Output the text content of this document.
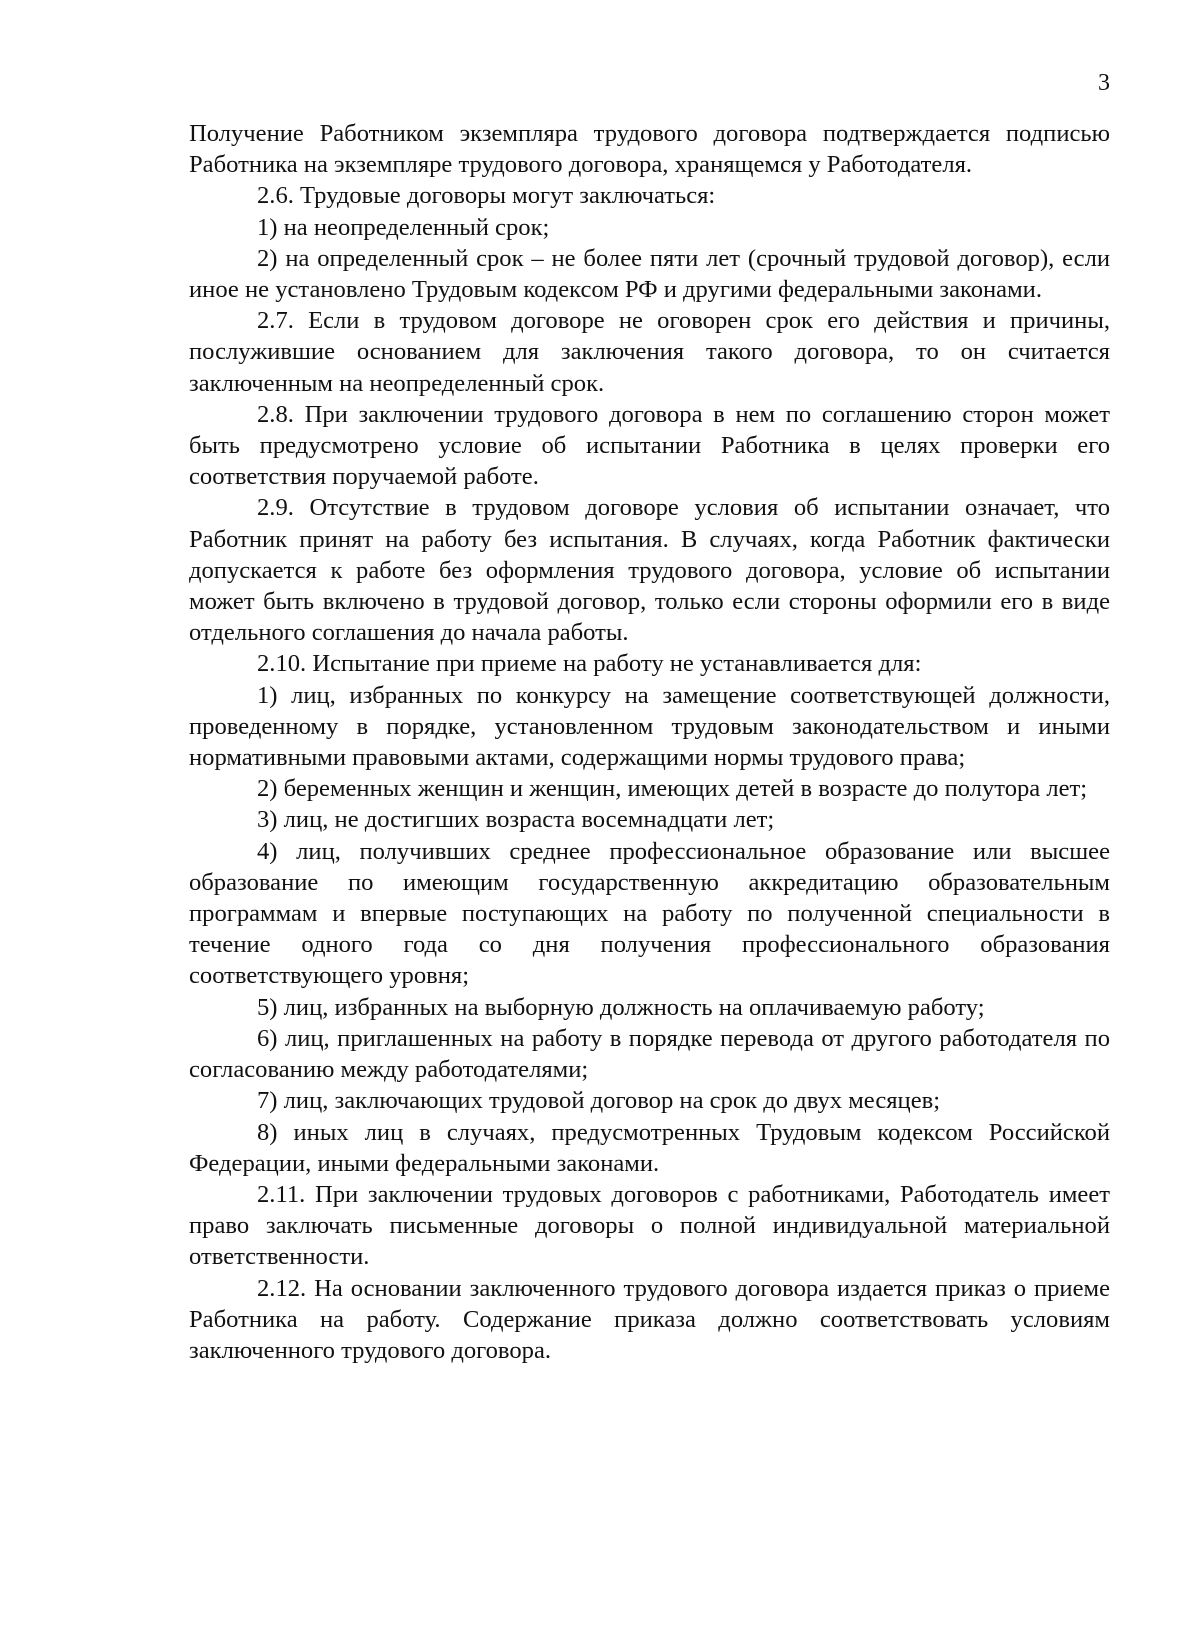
3

Получение Работником экземпляра трудового договора подтверждается подписью Работника на экземпляре трудового договора, хранящемся у Работодателя.

2.6. Трудовые договоры могут заключаться:

1) на неопределенный срок;

2) на определенный срок – не более пяти лет (срочный трудовой договор), если иное не установлено Трудовым кодексом РФ и другими федеральными законами.

2.7. Если в трудовом договоре не оговорен срок его действия и причины, послужившие основанием для заключения такого договора, то он считается заключенным на неопределенный срок.

2.8. При заключении трудового договора в нем по соглашению сторон может быть предусмотрено условие об испытании Работника в целях проверки его соответствия поручаемой работе.

2.9. Отсутствие в трудовом договоре условия об испытании означает, что Работник принят на работу без испытания. В случаях, когда Работник фактически допускается к работе без оформления трудового договора, условие об испытании может быть включено в трудовой договор, только если стороны оформили его в виде отдельного соглашения до начала работы.

2.10. Испытание при приеме на работу не устанавливается для:

1) лиц, избранных по конкурсу на замещение соответствующей должности, проведенному в порядке, установленном трудовым законодательством и иными нормативными правовыми актами, содержащими нормы трудового права;

2) беременных женщин и женщин, имеющих детей в возрасте до полутора лет;

3) лиц, не достигших возраста восемнадцати лет;

4) лиц, получивших среднее профессиональное образование или высшее образование по имеющим государственную аккредитацию образовательным программам и впервые поступающих на работу по полученной специальности в течение одного года со дня получения профессионального образования соответствующего уровня;

5) лиц, избранных на выборную должность на оплачиваемую работу;

6) лиц, приглашенных на работу в порядке перевода от другого работодателя по согласованию между работодателями;

7) лиц, заключающих трудовой договор на срок до двух месяцев;

8) иных лиц в случаях, предусмотренных Трудовым кодексом Российской Федерации, иными федеральными законами.

2.11. При заключении трудовых договоров с работниками, Работодатель имеет право заключать письменные договоры о полной индивидуальной материальной ответственности.

2.12. На основании заключенного трудового договора издается приказ о приеме Работника на работу. Содержание приказа должно соответствовать условиям заключенного трудового договора.
